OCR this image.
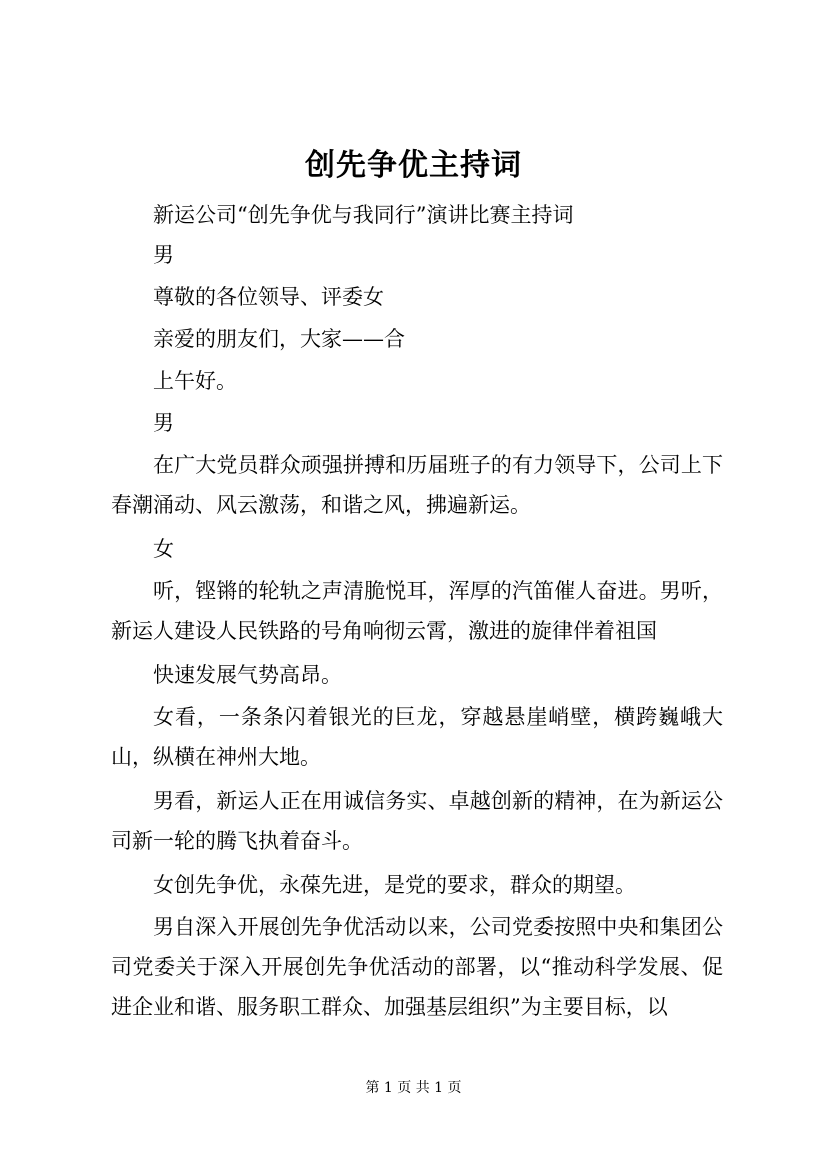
创先争优主持词

新运公司“创先争优与我同行”演讲比赛主持词

男

尊敬的各位领导、评委女

亲爱的朋友们，大家——合

上午好。

男

在广大党员群众顽强拼搏和历届班子的有力领导下，公司上下春潮涌动、风云激荡，和谐之风，拂遍新运。

女

听，铿锵的轮轨之声清脆悦耳，浑厚的汽笛催人奋进。男听，新运人建设人民铁路的号角响彻云霄，激进的旋律伴着祖国

快速发展气势高昂。

女看，一条条闪着银光的巨龙，穿越悬崖峭壁，横跨巍峨大山，纵横在神州大地。

男看，新运人正在用诚信务实、卓越创新的精神，在为新运公司新一轮的腾飞执着奋斗。

女创先争优，永葆先进，是党的要求，群众的期望。

男自深入开展创先争优活动以来，公司党委按照中央和集团公司党委关于深入开展创先争优活动的部署，以“推动科学发展、促进企业和谐、服务职工群众、加强基层组织”为主要目标，以

第 1 页 共 1 页
